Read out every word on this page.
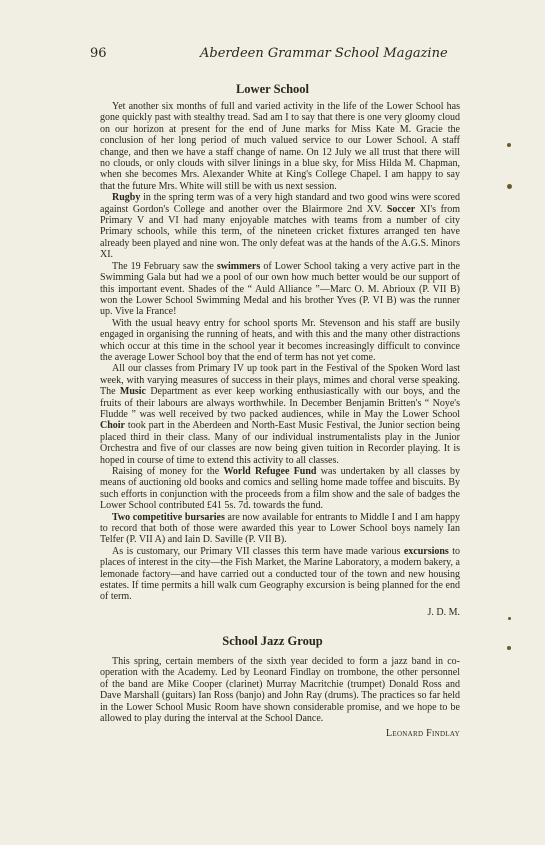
96	Aberdeen Grammar School Magazine
Lower School

Yet another six months of full and varied activity in the life of the Lower School has gone quickly past with stealthy tread. Sad am I to say that there is one very gloomy cloud on our horizon at present for the end of June marks for Miss Kate M. Gracie the conclusion of her long period of much valued service to our Lower School. A staff change, and then we have a staff change of name. On 12 July we all trust that there will no clouds, or only clouds with silver linings in a blue sky, for Miss Hilda M. Chapman, when she becomes Mrs. Alexander White at King's College Chapel. I am happy to say that the future Mrs. White will still be with us next session.

Rugby in the spring term was of a very high standard and two good wins were scored against Gordon's College and another over the Blairmore 2nd XV. Soccer XI's from Primary V and VI had many enjoyable matches with teams from a number of city Primary schools, while this term, of the nineteen cricket fixtures arranged ten have already been played and nine won. The only defeat was at the hands of the A.G.S. Minors XI.

The 19 February saw the swimmers of Lower School taking a very active part in the Swimming Gala but had we a pool of our own how much better would be our support of this important event. Shades of the “ Auld Alliance ”—Marc O. M. Abrioux (P. VII B) won the Lower School Swimming Medal and his brother Yves (P. VI B) was the runner up. Vive la France!

With the usual heavy entry for school sports Mr. Stevenson and his staff are busily engaged in organising the running of heats, and with this and the many other distractions which occur at this time in the school year it becomes increasingly difficult to convince the average Lower School boy that the end of term has not yet come.

All our classes from Primary IV up took part in the Festival of the Spoken Word last week, with varying measures of success in their plays, mimes and choral verse speaking. The Music Department as ever keep working enthusiastically with our boys, and the fruits of their labours are always worthwhile. In December Benjamin Britten's “ Noye's Fludde ” was well received by two packed audiences, while in May the Lower School Choir took part in the Aberdeen and North-East Music Festival, the Junior section being placed third in their class. Many of our individual instrumentalists play in the Junior Orchestra and five of our classes are now being given tuition in Recorder playing. It is hoped in course of time to extend this activity to all classes.

Raising of money for the World Refugee Fund was undertaken by all classes by means of auctioning old books and comics and selling home made toffee and biscuits. By such efforts in conjunction with the proceeds from a film show and the sale of badges the Lower School contributed £41 5s. 7d. towards the fund.

Two competitive bursaries are now available for entrants to Middle I and I am happy to record that both of those were awarded this year to Lower School boys namely Ian Telfer (P. VII A) and Iain D. Saville (P. VII B).

As is customary, our Primary VII classes this term have made various excursions to places of interest in the city—the Fish Market, the Marine Laboratory, a modern bakery, a lemonade factory—and have carried out a conducted tour of the town and new housing estates. If time permits a hill walk cum Geography excursion is being planned for the end of term.

J. D. M.
School Jazz Group

This spring, certain members of the sixth year decided to form a jazz band in co-operation with the Academy. Led by Leonard Findlay on trombone, the other personnel of the band are Mike Cooper (clarinet) Murray Macritchie (trumpet) Donald Ross and Dave Marshall (guitars) Ian Ross (banjo) and John Ray (drums). The practices so far held in the Lower School Music Room have shown considerable promise, and we hope to be allowed to play during the interval at the School Dance.

Leonard Findlay
